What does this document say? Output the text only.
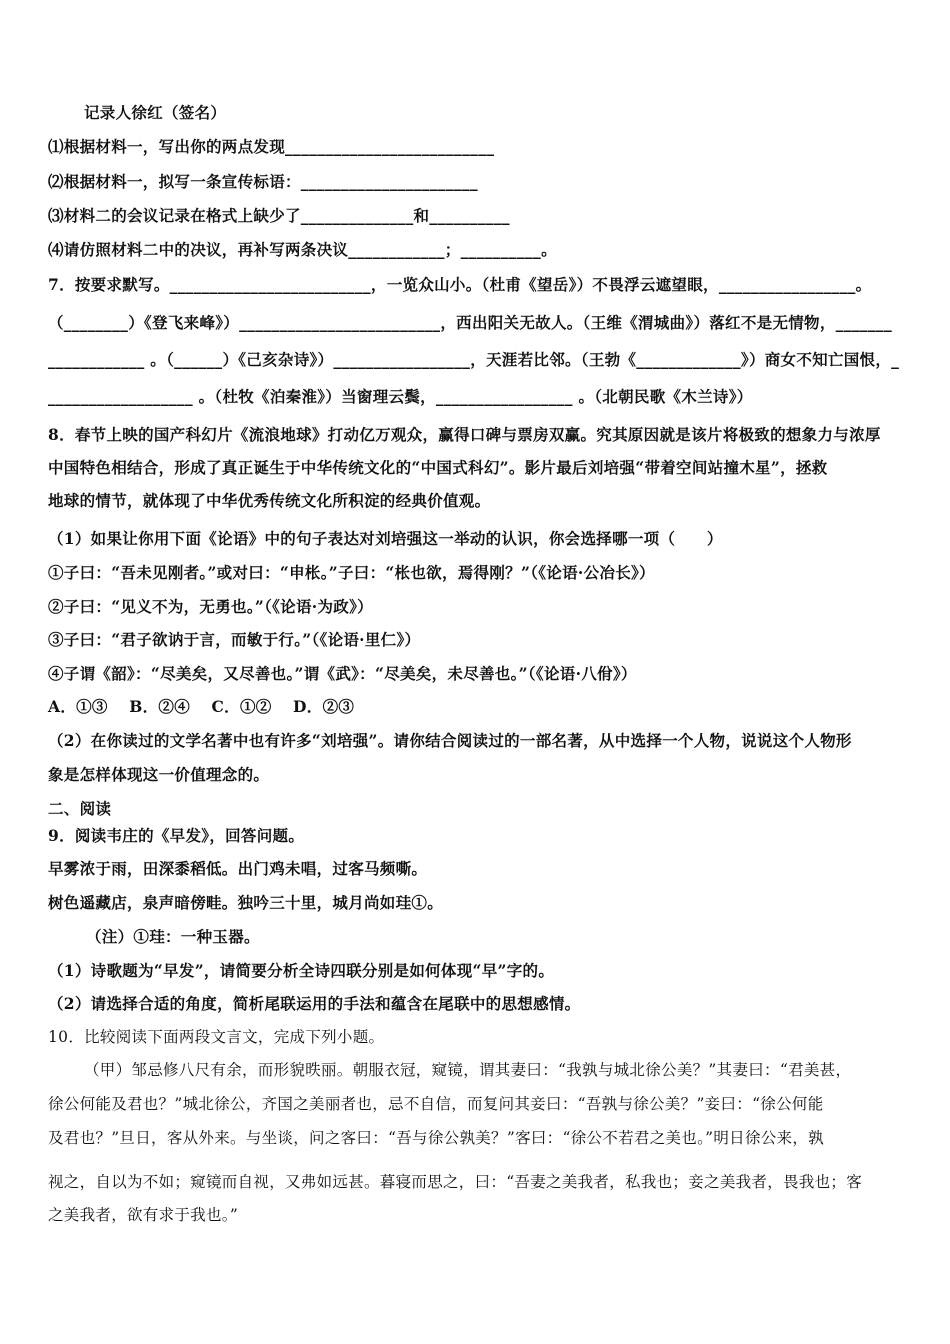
记录人徐红（签名）
⑴根据材料一，写出你的两点发现__________________________
⑵根据材料一，拟写一条宣传标语：______________________
⑶材料二的会议记录在格式上缺少了______________和__________
⑷请仿照材料二中的决议，再补写两条决议____________；__________。
7．按要求默写。_________________________，一览众山小。（杜甫《望岳》）不畏浮云遮望眼，_________________。
（________）《登飞来峰》）_________________________，西出阳关无故人。（王维《渭城曲》）落红不是无情物，_______
____________ 。（______）《己亥杂诗》）_________________，天涯若比邻。（王勃《_____________》）商女不知亡国恨，_
__________________ 。（杜牧《泊秦淮》）当窗理云鬓，_________________ 。（北朝民歌《木兰诗》）
8．春节上映的国产科幻片《流浪地球》打动亿万观众，赢得口碑与票房双赢。究其原因就是该片将极致的想象力与浓厚
中国特色相结合，形成了真正诞生于中华传统文化的“中国式科幻”。影片最后刘培强“带着空间站撞木星”，拯救
地球的情节，就体现了中华优秀传统文化所积淀的经典价值观。
（1）如果让你用下面《论语》中的句子表达对刘培强这一举动的认识，你会选择哪一项（　　）
①子曰：“吾未见刚者。”或对曰：“申枨。”子曰：“枨也欲，焉得刚？”（《论语·公冶长》）
②子曰：“见义不为，无勇也。”（《论语·为政》）
③子曰：“君子欲讷于言，而敏于行。”（《论语·里仁》）
④子谓《韶》：“尽美矣，又尽善也。”谓《武》：“尽美矣，未尽善也。”（《论语·八佾》）
A．①③　 B．②④　 C．①②　 D．②③
（2）在你读过的文学名著中也有许多“刘培强”。请你结合阅读过的一部名著，从中选择一个人物，说说这个人物形
象是怎样体现这一价值理念的。
二、阅读
9．阅读韦庄的《早发》，回答问题。
早雾浓于雨，田深黍稻低。出门鸡未唱，过客马频嘶。
树色遥藏店，泉声暗傍畦。独吟三十里，城月尚如珪①。
（注）①珪：一种玉器。
（1）诗歌题为“早发”，请简要分析全诗四联分别是如何体现“早”字的。
（2）请选择合适的角度，简析尾联运用的手法和蕴含在尾联中的思想感情。
10．比较阅读下面两段文言文，完成下列小题。
（甲）邹忌修八尺有余，而形貌昳丽。朝服衣冠，窥镜，谓其妻曰：“我孰与城北徐公美？”其妻曰：“君美甚，
徐公何能及君也？”城北徐公，齐国之美丽者也，忌不自信，而复问其妾曰：“吾孰与徐公美？”妾曰：“徐公何能
及君也？”旦日，客从外来。与坐谈，问之客曰：“吾与徐公孰美？”客曰：“徐公不若君之美也。”明日徐公来，孰
视之，自以为不如；窥镜而自视，又弗如远甚。暮寝而思之，曰：“吾妻之美我者，私我也；妾之美我者，畏我也；客
之美我者，欲有求于我也。”
